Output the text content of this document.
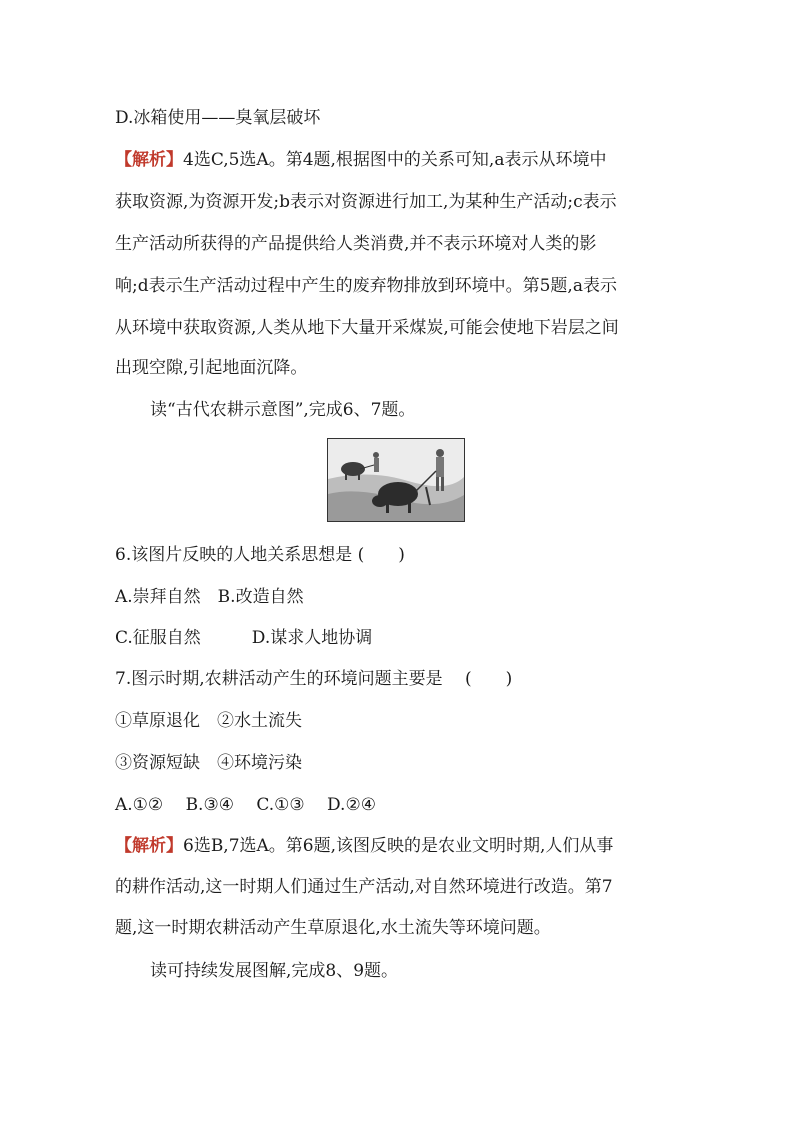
D.冰箱使用——臭氧层破坏
【解析】4选C,5选A。第4题,根据图中的关系可知,a表示从环境中
获取资源,为资源开发;b表示对资源进行加工,为某种生产活动;c表示
生产活动所获得的产品提供给人类消费,并不表示环境对人类的影
响;d表示生产活动过程中产生的废弃物排放到环境中。第5题,a表示
从环境中获取资源,人类从地下大量开采煤炭,可能会使地下岩层之间
出现空隙,引起地面沉降。
读“古代农耕示意图”,完成6、7题。
6.该图片反映的人地关系思想是 (　　)
A.崇拜自然　B.改造自然
C.征服自然　　　D.谋求人地协调
7.图示时期,农耕活动产生的环境问题主要是　 (　　)
①草原退化　②水土流失
③资源短缺　④环境污染
A.①②　 B.③④　 C.①③　 D.②④
【解析】6选B,7选A。第6题,该图反映的是农业文明时期,人们从事
的耕作活动,这一时期人们通过生产活动,对自然环境进行改造。第7
题,这一时期农耕活动产生草原退化,水土流失等环境问题。
读可持续发展图解,完成8、9题。
